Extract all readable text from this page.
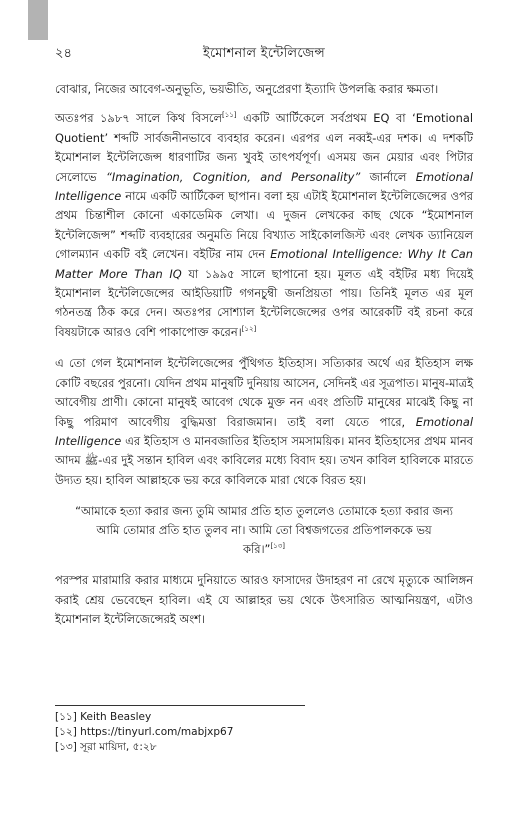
২৪	ইমোশনাল ইন্টেলিজেন্স

বোঝার, নিজের আবেগ-অনুভূতি, ভয়ভীতি, অনুপ্রেরণা ইত্যাদি উপলব্ধি করার ক্ষমতা।

অতঃপর ১৯৮৭ সালে কিথ বিসলে[১১] একটি আর্টিকেলে সর্বপ্রথম EQ বা ‘Emotional Quotient’ শব্দটি সার্বজনীনভাবে ব্যবহার করেন। এরপর এল নব্বই-এর দশক। এ দশকটি ইমোশনাল ইন্টেলিজেন্স ধারণাটির জন্য খুবই তাৎপর্যপূর্ণ। এসময় জন মেয়ার এবং পিটার সেলোভে “Imagination, Cognition, and Personality” জার্নালে Emotional Intelligence নামে একটি আর্টিকেল ছাপান। বলা হয় এটাই ইমোশনাল ইন্টেলিজেন্সের ওপর প্রথম চিন্তাশীল কোনো একাডেমিক লেখা। এ দুজন লেখকের কাছ থেকে “ইমোশনাল ইন্টেলিজেন্স” শব্দটি ব্যবহারের অনুমতি নিয়ে বিখ্যাত সাইকোলজিস্ট এবং লেখক ড্যানিয়েল গোলম্যান একটি বই লেখেন। বইটির নাম দেন Emotional Intelligence: Why It Can Matter More Than IQ যা ১৯৯৫ সালে ছাপানো হয়। মূলত এই বইটির মধ্য দিয়েই ইমোশনাল ইন্টেলিজেন্সের আইডিয়াটি গগনচুম্বী জনপ্রিয়তা পায়। তিনিই মূলত এর মূল গঠনতন্ত্র ঠিক করে দেন। অতঃপর সোশ্যাল ইন্টেলিজেন্সের ওপর আরেকটি বই রচনা করে বিষয়টাকে আরও বেশি পাকাপোক্ত করেন।[১২]

এ তো গেল ইমোশনাল ইন্টেলিজেন্সের পুঁথিগত ইতিহাস। সত্যিকার অর্থে এর ইতিহাস লক্ষ কোটি বছরের পুরনো। যেদিন প্রথম মানুষটি দুনিয়ায় আসেন, সেদিনই এর সূত্রপাত। মানুষ-মাত্রই আবেগীয় প্রাণী। কোনো মানুষই আবেগ থেকে মুক্ত নন এবং প্রতিটি মানুষের মাঝেই কিছু না কিছু পরিমাণ আবেগীয় বুদ্ধিমত্তা বিরাজমান। তাই বলা যেতে পারে, Emotional Intelligence এর ইতিহাস ও মানবজাতির ইতিহাস সমসাময়িক। মানব ইতিহাসের প্রথম মানব আদম ﷺ-এর দুই সন্তান হাবিল এবং কাবিলের মধ্যে বিবাদ হয়। তখন কাবিল হাবিলকে মারতে উদ্যত হয়। হাবিল আল্লাহকে ভয় করে কাবিলকে মারা থেকে বিরত হয়।

“আমাকে হত্যা করার জন্য তুমি আমার প্রতি হাত তুললেও তোমাকে হত্যা করার জন্য আমি তোমার প্রতি হাত তুলব না। আমি তো বিশ্বজগতের প্রতিপালককে ভয় করি।”[১৩]

পরস্পর মারামারি করার মাধ্যমে দুনিয়াতে আরও ফাসাদের উদাহরণ না রেখে মৃত্যুকে আলিঙ্গন করাই শ্রেয় ভেবেছেন হাবিল। এই যে আল্লাহর ভয় থেকে উৎসারিত আত্মনিয়ন্ত্রণ, এটাও ইমোশনাল ইন্টেলিজেন্সেরই অংশ।

[১১] Keith Beasley
[১২] https://tinyurl.com/mabjxp67
[১৩] সূরা মায়িদা, ৫:২৮
